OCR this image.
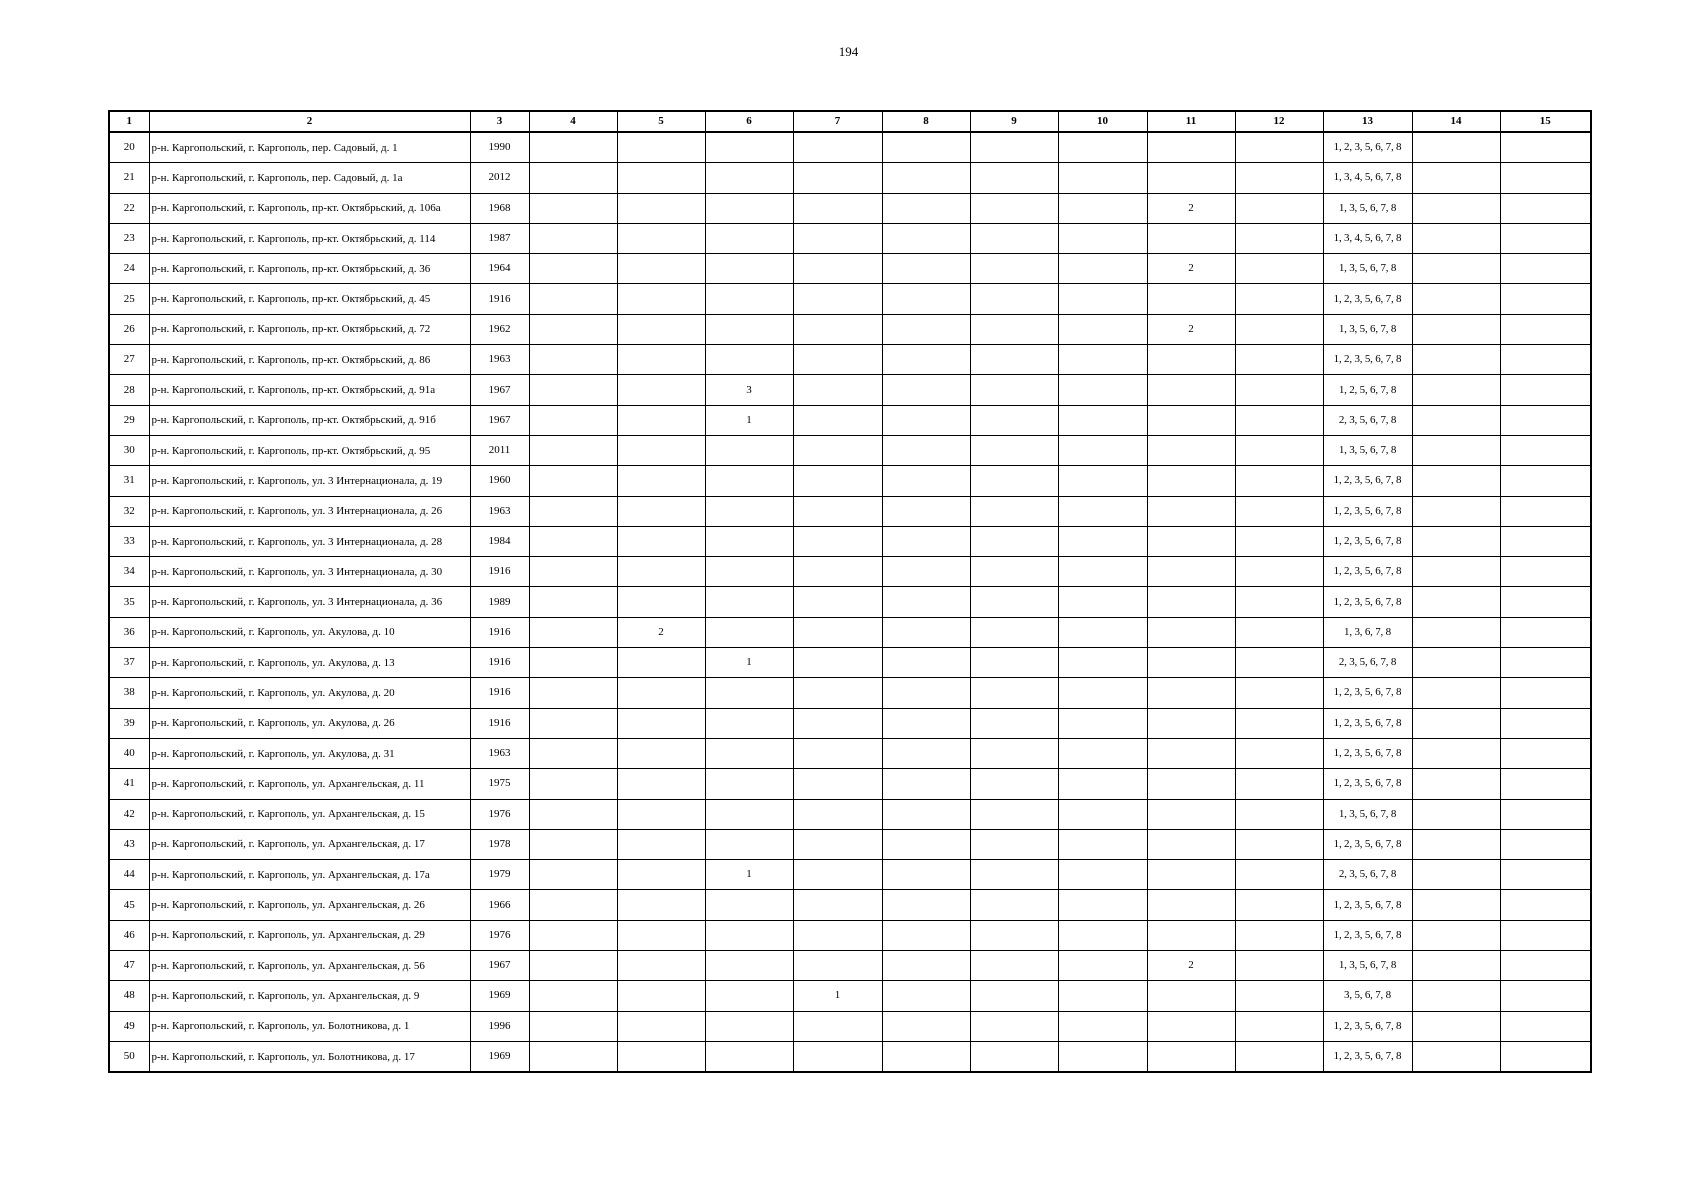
194
1	2	3	4	5	6	7	8	9	10	11	12	13	14	15
20	р-н. Каргопольский, г. Каргополь, пер. Садовый, д. 1	1990										1, 2, 3, 5, 6, 7, 8		
21	р-н. Каргопольский, г. Каргополь, пер. Садовый, д. 1а	2012										1, 3, 4, 5, 6, 7, 8		
22	р-н. Каргопольский, г. Каргополь, пр-кт. Октябрьский, д. 106а	1968								2		1, 3, 5, 6, 7, 8		
23	р-н. Каргопольский, г. Каргополь, пр-кт. Октябрьский, д. 114	1987										1, 3, 4, 5, 6, 7, 8		
24	р-н. Каргопольский, г. Каргополь, пр-кт. Октябрьский, д. 36	1964								2		1, 3, 5, 6, 7, 8		
25	р-н. Каргопольский, г. Каргополь, пр-кт. Октябрьский, д. 45	1916										1, 2, 3, 5, 6, 7, 8		
26	р-н. Каргопольский, г. Каргополь, пр-кт. Октябрьский, д. 72	1962								2		1, 3, 5, 6, 7, 8		
27	р-н. Каргопольский, г. Каргополь, пр-кт. Октябрьский, д. 86	1963										1, 2, 3, 5, 6, 7, 8		
28	р-н. Каргопольский, г. Каргополь, пр-кт. Октябрьский, д. 91а	1967			3							1, 2, 5, 6, 7, 8		
29	р-н. Каргопольский, г. Каргополь, пр-кт. Октябрьский, д. 91б	1967			1							2, 3, 5, 6, 7, 8		
30	р-н. Каргопольский, г. Каргополь, пр-кт. Октябрьский, д. 95	2011										1, 3, 5, 6, 7, 8		
31	р-н. Каргопольский, г. Каргополь, ул. 3 Интернационала, д. 19	1960										1, 2, 3, 5, 6, 7, 8		
32	р-н. Каргопольский, г. Каргополь, ул. 3 Интернационала, д. 26	1963										1, 2, 3, 5, 6, 7, 8		
33	р-н. Каргопольский, г. Каргополь, ул. 3 Интернационала, д. 28	1984										1, 2, 3, 5, 6, 7, 8		
34	р-н. Каргопольский, г. Каргополь, ул. 3 Интернационала, д. 30	1916										1, 2, 3, 5, 6, 7, 8		
35	р-н. Каргопольский, г. Каргополь, ул. 3 Интернационала, д. 36	1989										1, 2, 3, 5, 6, 7, 8		
36	р-н. Каргопольский, г. Каргополь, ул. Акулова, д. 10	1916		2								1, 3, 6, 7, 8		
37	р-н. Каргопольский, г. Каргополь, ул. Акулова, д. 13	1916			1							2, 3, 5, 6, 7, 8		
38	р-н. Каргопольский, г. Каргополь, ул. Акулова, д. 20	1916										1, 2, 3, 5, 6, 7, 8		
39	р-н. Каргопольский, г. Каргополь, ул. Акулова, д. 26	1916										1, 2, 3, 5, 6, 7, 8		
40	р-н. Каргопольский, г. Каргополь, ул. Акулова, д. 31	1963										1, 2, 3, 5, 6, 7, 8		
41	р-н. Каргопольский, г. Каргополь, ул. Архангельская, д. 11	1975										1, 2, 3, 5, 6, 7, 8		
42	р-н. Каргопольский, г. Каргополь, ул. Архангельская, д. 15	1976										1, 3, 5, 6, 7, 8		
43	р-н. Каргопольский, г. Каргополь, ул. Архангельская, д. 17	1978										1, 2, 3, 5, 6, 7, 8		
44	р-н. Каргопольский, г. Каргополь, ул. Архангельская, д. 17а	1979			1							2, 3, 5, 6, 7, 8		
45	р-н. Каргопольский, г. Каргополь, ул. Архангельская, д. 26	1966										1, 2, 3, 5, 6, 7, 8		
46	р-н. Каргопольский, г. Каргополь, ул. Архангельская, д. 29	1976										1, 2, 3, 5, 6, 7, 8		
47	р-н. Каргопольский, г. Каргополь, ул. Архангельская, д. 56	1967								2		1, 3, 5, 6, 7, 8		
48	р-н. Каргопольский, г. Каргополь, ул. Архангельская, д. 9	1969				1						3, 5, 6, 7, 8		
49	р-н. Каргопольский, г. Каргополь, ул. Болотникова, д. 1	1996										1, 2, 3, 5, 6, 7, 8		
50	р-н. Каргопольский, г. Каргополь, ул. Болотникова, д. 17	1969										1, 2, 3, 5, 6, 7, 8		
